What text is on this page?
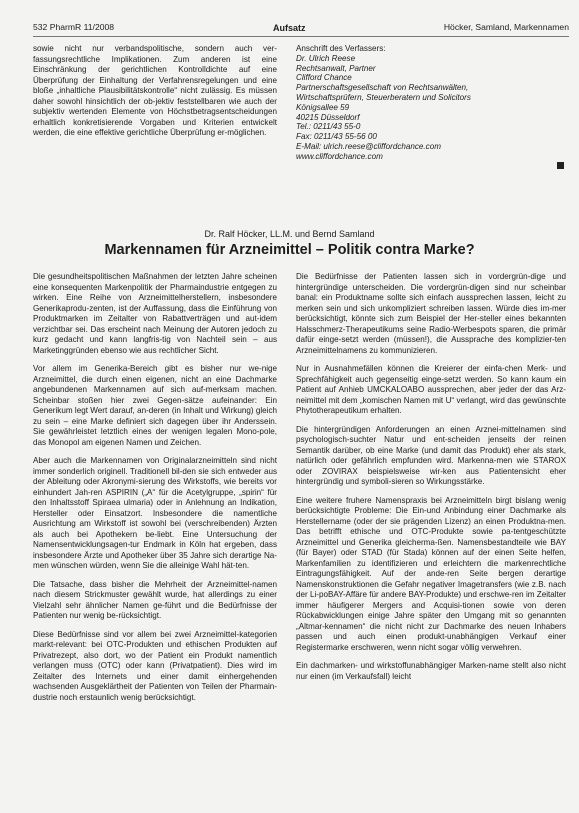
532 PharmR 11/2008	Aufsatz	Höcker, Samland, Markennamen

sowie nicht nur verbandspolitische, sondern auch ver-fassungsrechtliche Implikationen. Zum anderen ist eine Einschränkung der gerichtlichen Kontrolldichte auf eine Überprüfung der Einhaltung der Verfahrensregelungen und eine bloße „inhaltliche Plausibilitätskontrolle“ nicht zulässig. Es müssen daher sowohl hinsichtlich der ob-jektiv feststellbaren wie auch der subjektiv wertenden Elemente von Höchstbetragsentscheidungen erhaltlich konkretisierende Vorgaben und Kriterien entwickelt werden, die eine effektive gerichtliche Überprüfung er-möglichen.

Anschrift des Verfassers:
Dr. Ulrich Reese
Rechtsanwalt, Partner
Clifford Chance
Partnerschaftsgesellschaft von Rechtsanwälten,
Wirtschaftsprüfern, Steuerberatern und Solicitors
Königsallee 59
40215 Düsseldorf
Tel.: 0211/43 55-0
Fax: 0211/43 55-56 00
E-Mail: ulrich.reese@cliffordchance.com
www.cliffordchance.com
Dr. Ralf Höcker, LL.M. und Bernd Samland
Markennamen für Arzneimittel – Politik contra Marke?

Die gesundheitspolitischen Maßnahmen der letzten Jahre scheinen eine konsequenten Markenpolitik der Pharmaindustrie entgegen zu wirken. Eine Reihe von Arzneimittelherstellern, insbesondere Generikaprodu-zenten, ist der Auffassung, dass die Einführung von Produktmarken im Zeitalter von Rabattverträgen und aut-idem verzichtbar sei. Das erscheint nach Meinung der Autoren jedoch zu kurz gedacht und kann langfris-tig von Nachteil sein – aus Marketinggründen ebenso wie aus rechtlicher Sicht.

Vor allem im Generika-Bereich gibt es bisher nur we-nige Arzneimittel, die durch einen eigenen, nicht an eine Dachmarke angebundenen Markennamen auf sich auf-merksam machen. Scheinbar stoßen hier zwei Gegen-sätze aufeinander: Ein Generikum legt Wert darauf, an-deren (in Inhalt und Wirkung) gleich zu sein – eine Marke definiert sich dagegen über ihr Anderssein. Sie gewährleistet letztlich eines der wenigen legalen Mono-pole, das Monopol am eigenen Namen und Zeichen.

Aber auch die Markennamen von Originalarzneimitteln sind nicht immer sonderlich originell. Traditionell bil-den sie sich entweder aus der Ableitung oder Akronymi-sierung des Wirkstoffs, wie bereits vor einhundert Jah-ren ASPIRIN („A“ für die Acetylgruppe, „spirin“ für den Inhaltsstoff Spiraea ulmaria) oder in Anlehnung an Indikation, Hersteller oder Einsatzort. Insbesondere die namentliche Ausrichtung am Wirkstoff ist sowohl bei (verschreibenden) Ärzten als auch bei Apothekern be-liebt. Eine Untersuchung der Namensentwicklungsagen-tur Endmark in Köln hat ergeben, dass insbesondere Ärzte und Apotheker über 35 Jahre sich derartige Na-men wünschen würden, wenn Sie die alleinige Wahl hät-ten.

Die Tatsache, dass bisher die Mehrheit der Arzneimittel-namen nach diesem Strickmuster gewählt wurde, hat allerdings zu einer Vielzahl sehr ähnlicher Namen ge-führt und die Bedürfnisse der Patienten nur wenig be-rücksichtigt.

Diese Bedürfnisse sind vor allem bei zwei Arzneimittel-kategorien markt-relevant: bei OTC-Produkten und ethischen Produkten auf Privatrezept, also dort, wo der Patient ein Produkt namentlich verlangen muss (OTC) oder kann (Privatpatient). Dies wird im Zeitalter des Internets und einer damit einhergehenden wachsenden Ausgeklärtheit der Patienten von Teilen der Pharmain-dustrie noch erstaunlich wenig berücksichtigt.

Die Bedürfnisse der Patienten lassen sich in vordergrün-dige und hintergründige unterscheiden. Die vordergrün-digen sind nur scheinbar banal: ein Produktname sollte sich einfach aussprechen lassen, leicht zu merken sein und sich unkompliziert schreiben lassen. Würde dies im-mer berücksichtigt, könnte sich zum Beispiel der Her-steller eines bekannten Halsschmerz-Therapeutikums seine Radio-Werbespots sparen, die primär dafür einge-setzt werden (müssen!), die Aussprache des komplizier-ten Arzneimittelnamens zu kommunizieren.

Nur in Ausnahmefällen können die Kreierer der einfa-chen Merk- und Sprechfähigkeit auch gegenseitig einge-setzt werden. So kann kaum ein Patient auf Anhieb UMCKALOABO aussprechen, aber jeder der das Arz-neimittel mit dem „komischen Namen mit U“ verlangt, wird das gewünschte Phytotherapeutikum erhalten.

Die hintergründigen Anforderungen an einen Arznei-mittelnamen sind psychologisch-suchter Natur und ent-scheiden jenseits der reinen Semantik darüber, ob eine Marke (und damit das Produkt) eher als stark, natürlich oder gefährlich empfunden wird. Markenna-men wie STAROX oder ZOVIRAX beispielsweise wir-ken aus Patientensicht eher hintergründig und symboli-sieren so Wirkungsstärke.

Eine weitere fruhere Namenspraxis bei Arzneimitteln birgt bislang wenig berücksichtigte Probleme: Die Ein-und Anbindung einer Dachmarke als Herstellername (oder der sie prägenden Lizenz) an einen Produktna-men. Das betrifft ethische und OTC-Produkte sowie pa-tentgeschützte Arzneimittel und Generika gleicherma-ßen. Namensbestandteile wie BAY (für Bayer) oder STAD (für Stada) können auf der einen Seite helfen, Markenfamilien zu identifizieren und erleichtern die markenrechtliche Eintragungsfähigkeit. Auf der ande-ren Seite bergen derartige Namenskonstruktionen die Gefahr negativer Imagetransfers (wie z.B. nach der Li-poBAY-Affäre für andere BAY-Produkte) und erschwe-ren im Zeitalter immer häufigerer Mergers and Acquisi-tionen sowie von deren Rückabwicklungen einige Jahre später den Umgang mit so genannten „Altmar-kennamen“ die nicht nicht zur Dachmarke des neuen Inhabers passen und auch einen produkt-unabhängigen Verkauf einer Registermarke erschweren, wenn nicht sogar völlig verwehren.

Ein dachmarken- und wirkstoffunabhängiger Marken-name stellt also nicht nur einen (im Verkaufsfall) leicht
